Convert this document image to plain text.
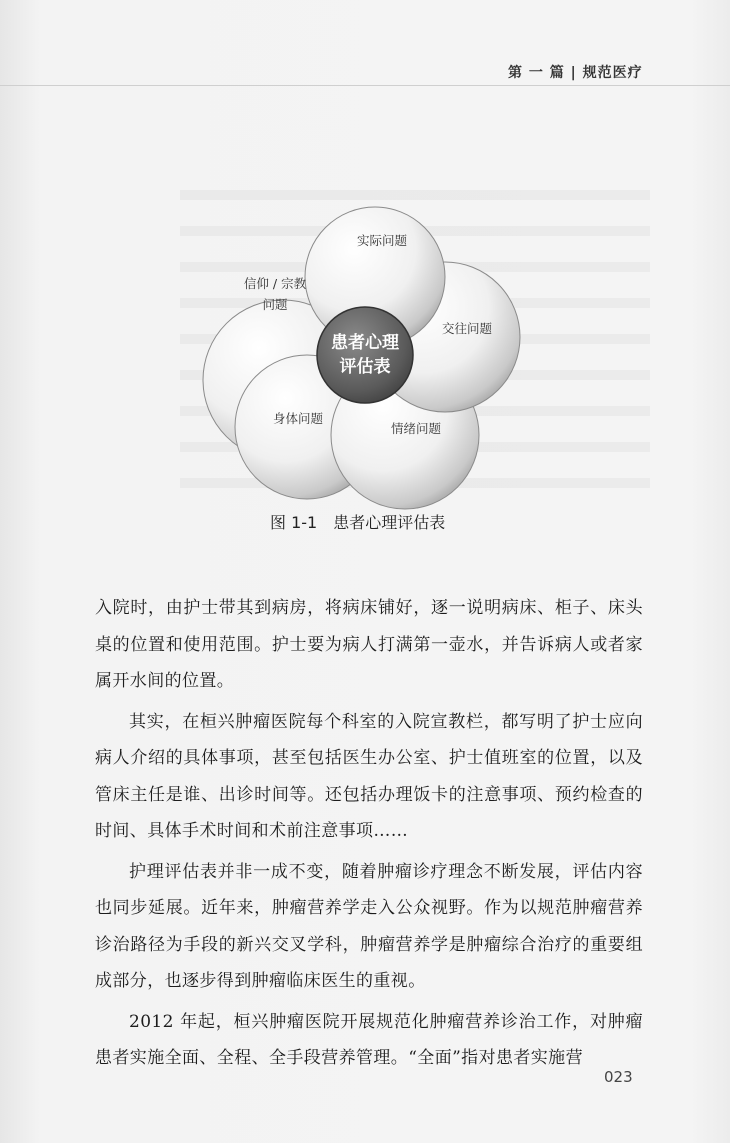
第 一 篇 | 规范医疗
实际问题
交往问题
情绪问题
身体问题
信仰 / 宗教
问题
患者心理
评估表
图 1-1 患者心理评估表

入院时，由护士带其到病房，将病床铺好，逐一说明病床、柜子、床头桌的位置和使用范围。护士要为病人打满第一壶水，并告诉病人或者家属开水间的位置。

其实，在桓兴肿瘤医院每个科室的入院宣教栏，都写明了护士应向病人介绍的具体事项，甚至包括医生办公室、护士值班室的位置，以及管床主任是谁、出诊时间等。还包括办理饭卡的注意事项、预约检查的时间、具体手术时间和术前注意事项……

护理评估表并非一成不变，随着肿瘤诊疗理念不断发展，评估内容也同步延展。近年来，肿瘤营养学走入公众视野。作为以规范肿瘤营养诊治路径为手段的新兴交叉学科，肿瘤营养学是肿瘤综合治疗的重要组成部分，也逐步得到肿瘤临床医生的重视。

2012 年起，桓兴肿瘤医院开展规范化肿瘤营养诊治工作，对肿瘤患者实施全面、全程、全手段营养管理。“全面”指对患者实施营

023
